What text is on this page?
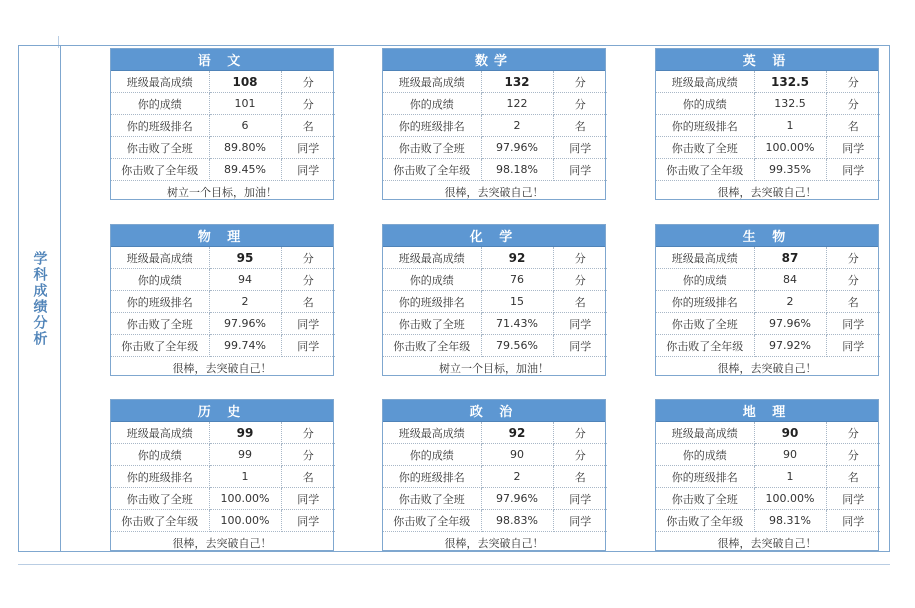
学科成绩分析
语 文
班级最高成绩	108	分
你的成绩	101	分
你的班级排名	6	名
你击败了全班	89.80%	同学
你击败了全年级	89.45%	同学
树立一个目标，加油！
数学
班级最高成绩	132	分
你的成绩	122	分
你的班级排名	2	名
你击败了全班	97.96%	同学
你击败了全年级	98.18%	同学
很棒，去突破自己！
英 语
班级最高成绩	132.5	分
你的成绩	132.5	分
你的班级排名	1	名
你击败了全班	100.00%	同学
你击败了全年级	99.35%	同学
很棒，去突破自己！
物 理
班级最高成绩	95	分
你的成绩	94	分
你的班级排名	2	名
你击败了全班	97.96%	同学
你击败了全年级	99.74%	同学
很棒，去突破自己！
化 学
班级最高成绩	92	分
你的成绩	76	分
你的班级排名	15	名
你击败了全班	71.43%	同学
你击败了全年级	79.56%	同学
树立一个目标，加油！
生 物
班级最高成绩	87	分
你的成绩	84	分
你的班级排名	2	名
你击败了全班	97.96%	同学
你击败了全年级	97.92%	同学
很棒，去突破自己！
历 史
班级最高成绩	99	分
你的成绩	99	分
你的班级排名	1	名
你击败了全班	100.00%	同学
你击败了全年级	100.00%	同学
很棒，去突破自己！
政 治
班级最高成绩	92	分
你的成绩	90	分
你的班级排名	2	名
你击败了全班	97.96%	同学
你击败了全年级	98.83%	同学
很棒，去突破自己！
地 理
班级最高成绩	90	分
你的成绩	90	分
你的班级排名	1	名
你击败了全班	100.00%	同学
你击败了全年级	98.31%	同学
很棒，去突破自己！
